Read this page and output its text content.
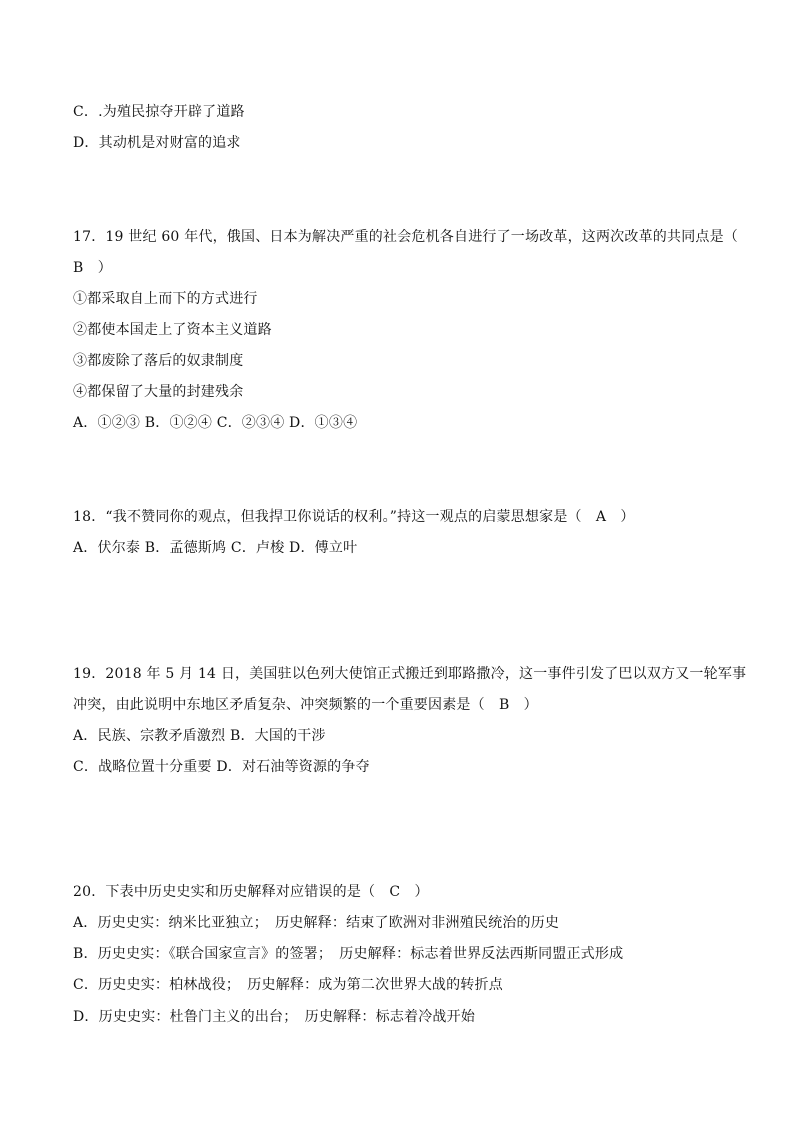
C．.为殖民掠夺开辟了道路
D．其动机是对财富的追求
17．19 世纪 60 年代，俄国、日本为解决严重的社会危机各自进行了一场改革，这两次改革的共同点是（
B　）
①都采取自上而下的方式进行
②都使本国走上了资本主义道路
③都废除了落后的奴隶制度
④都保留了大量的封建残余
A．①②③ B．①②④ C．②③④ D．①③④
18．“我不赞同你的观点，但我捍卫你说话的权利。”持这一观点的启蒙思想家是（　A　）
A．伏尔泰 B．孟德斯鸠 C．卢梭 D．傅立叶
19．2018 年 5 月 14 日，美国驻以色列大使馆正式搬迁到耶路撒冷，这一事件引发了巴以双方又一轮军事
冲突，由此说明中东地区矛盾复杂、冲突频繁的一个重要因素是（　B　）
A．民族、宗教矛盾激烈 B．大国的干涉
C．战略位置十分重要 D．对石油等资源的争夺
20．下表中历史史实和历史解释对应错误的是（　C　）
A．历史史实：纳米比亚独立；　历史解释：结束了欧洲对非洲殖民统治的历史
B．历史史实：《联合国家宣言》的签署；　历史解释：标志着世界反法西斯同盟正式形成
C．历史史实：柏林战役；　历史解释：成为第二次世界大战的转折点
D．历史史实：杜鲁门主义的出台；　历史解释：标志着冷战开始
